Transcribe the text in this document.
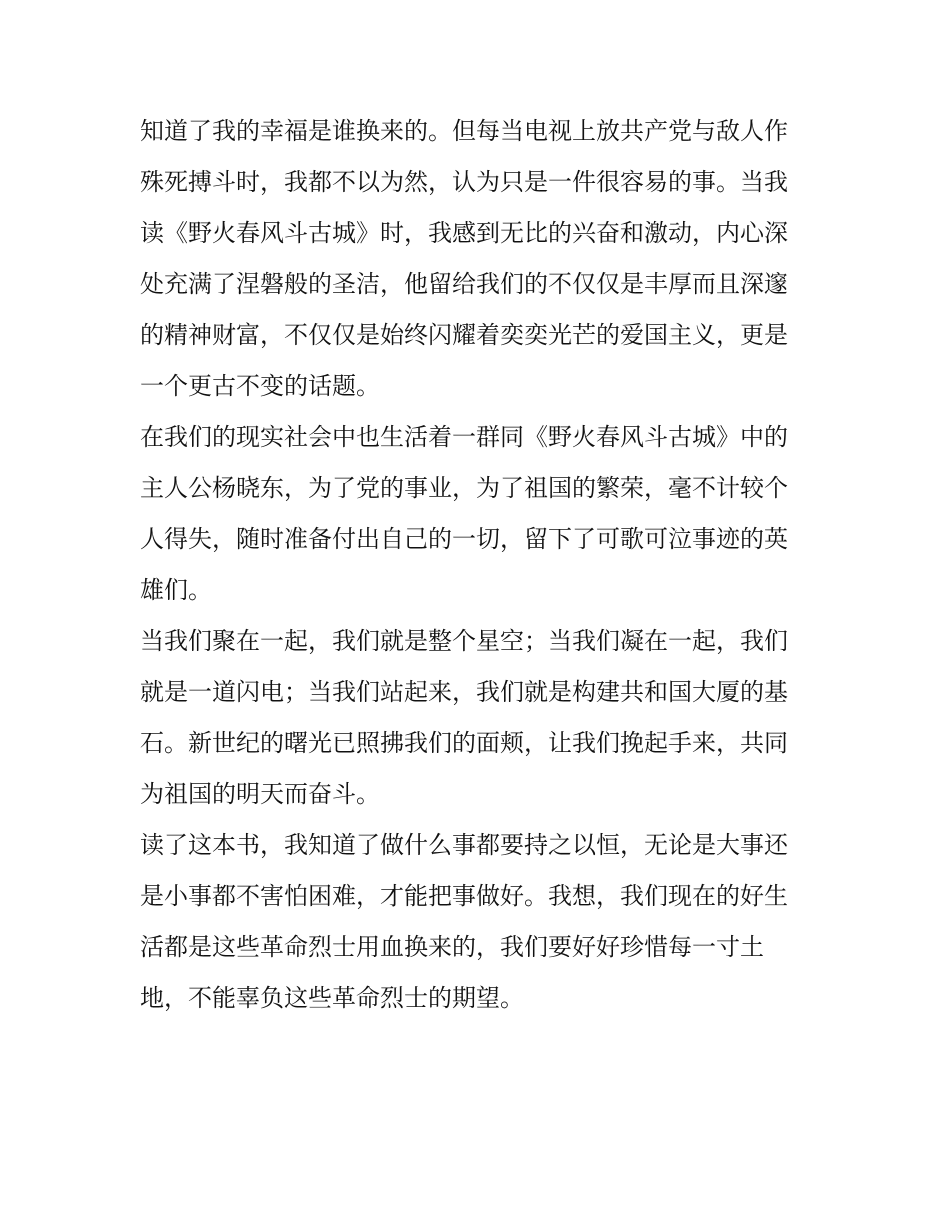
知道了我的幸福是谁换来的。但每当电视上放共产党与敌人作
殊死搏斗时，我都不以为然，认为只是一件很容易的事。当我
读《野火春风斗古城》时，我感到无比的兴奋和激动，内心深
处充满了涅磐般的圣洁，他留给我们的不仅仅是丰厚而且深邃
的精神财富，不仅仅是始终闪耀着奕奕光芒的爱国主义，更是
一个更古不变的话题。
在我们的现实社会中也生活着一群同《野火春风斗古城》中的
主人公杨晓东，为了党的事业，为了祖国的繁荣，毫不计较个
人得失，随时准备付出自己的一切，留下了可歌可泣事迹的英
雄们。
当我们聚在一起，我们就是整个星空；当我们凝在一起，我们
就是一道闪电；当我们站起来，我们就是构建共和国大厦的基
石。新世纪的曙光已照拂我们的面颊，让我们挽起手来，共同
为祖国的明天而奋斗。
读了这本书，我知道了做什么事都要持之以恒，无论是大事还
是小事都不害怕困难，才能把事做好。我想，我们现在的好生
活都是这些革命烈士用血换来的，我们要好好珍惜每一寸土
地，不能辜负这些革命烈士的期望。
